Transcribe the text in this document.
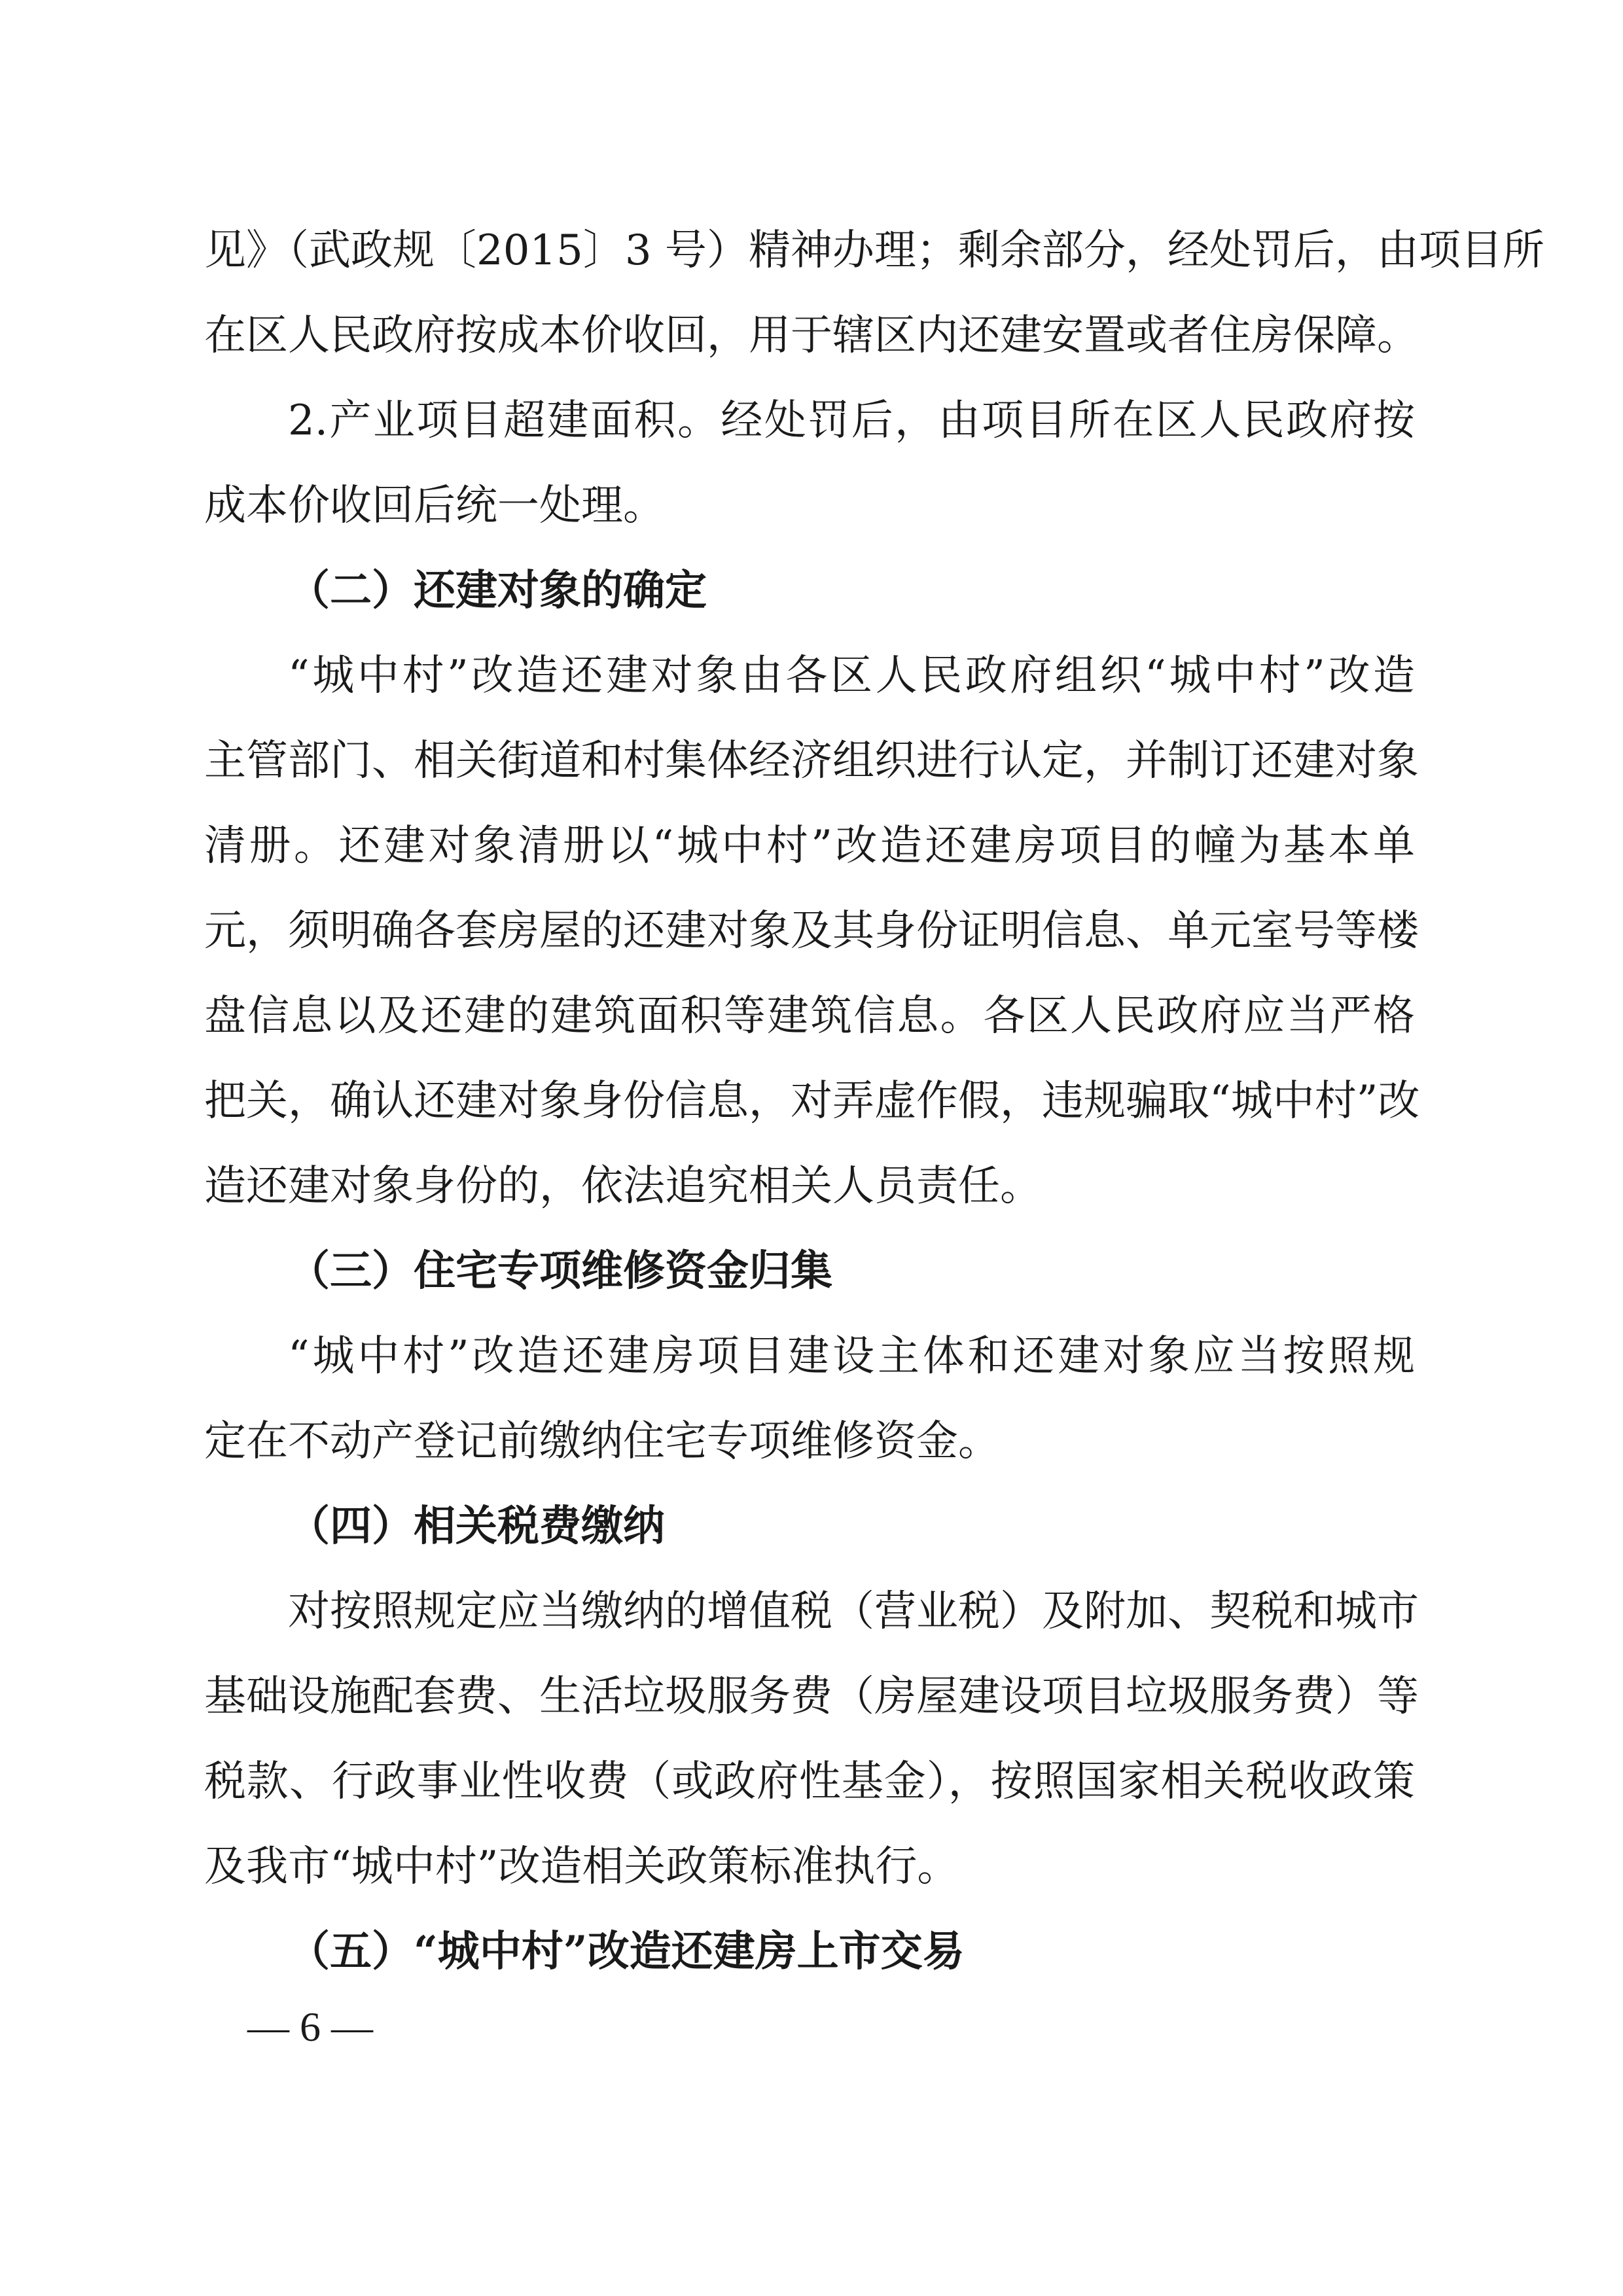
见》（武政规〔2015〕3 号）精神办理；剩余部分，经处罚后，由项目所
在区人民政府按成本价收回，用于辖区内还建安置或者住房保障。
2.产业项目超建面积。经处罚后，由项目所在区人民政府按
成本价收回后统一处理。
（二）还建对象的确定
“城中村”改造还建对象由各区人民政府组织“城中村”改造
主管部门、相关街道和村集体经济组织进行认定，并制订还建对象
清册。还建对象清册以“城中村”改造还建房项目的幢为基本单
元，须明确各套房屋的还建对象及其身份证明信息、单元室号等楼
盘信息以及还建的建筑面积等建筑信息。各区人民政府应当严格
把关，确认还建对象身份信息，对弄虚作假，违规骗取“城中村”改
造还建对象身份的，依法追究相关人员责任。
（三）住宅专项维修资金归集
“城中村”改造还建房项目建设主体和还建对象应当按照规
定在不动产登记前缴纳住宅专项维修资金。
（四）相关税费缴纳
对按照规定应当缴纳的增值税（营业税）及附加、契税和城市
基础设施配套费、生活垃圾服务费（房屋建设项目垃圾服务费）等
税款、行政事业性收费（或政府性基金），按照国家相关税收政策
及我市“城中村”改造相关政策标准执行。
（五）“城中村”改造还建房上市交易
— 6 —
